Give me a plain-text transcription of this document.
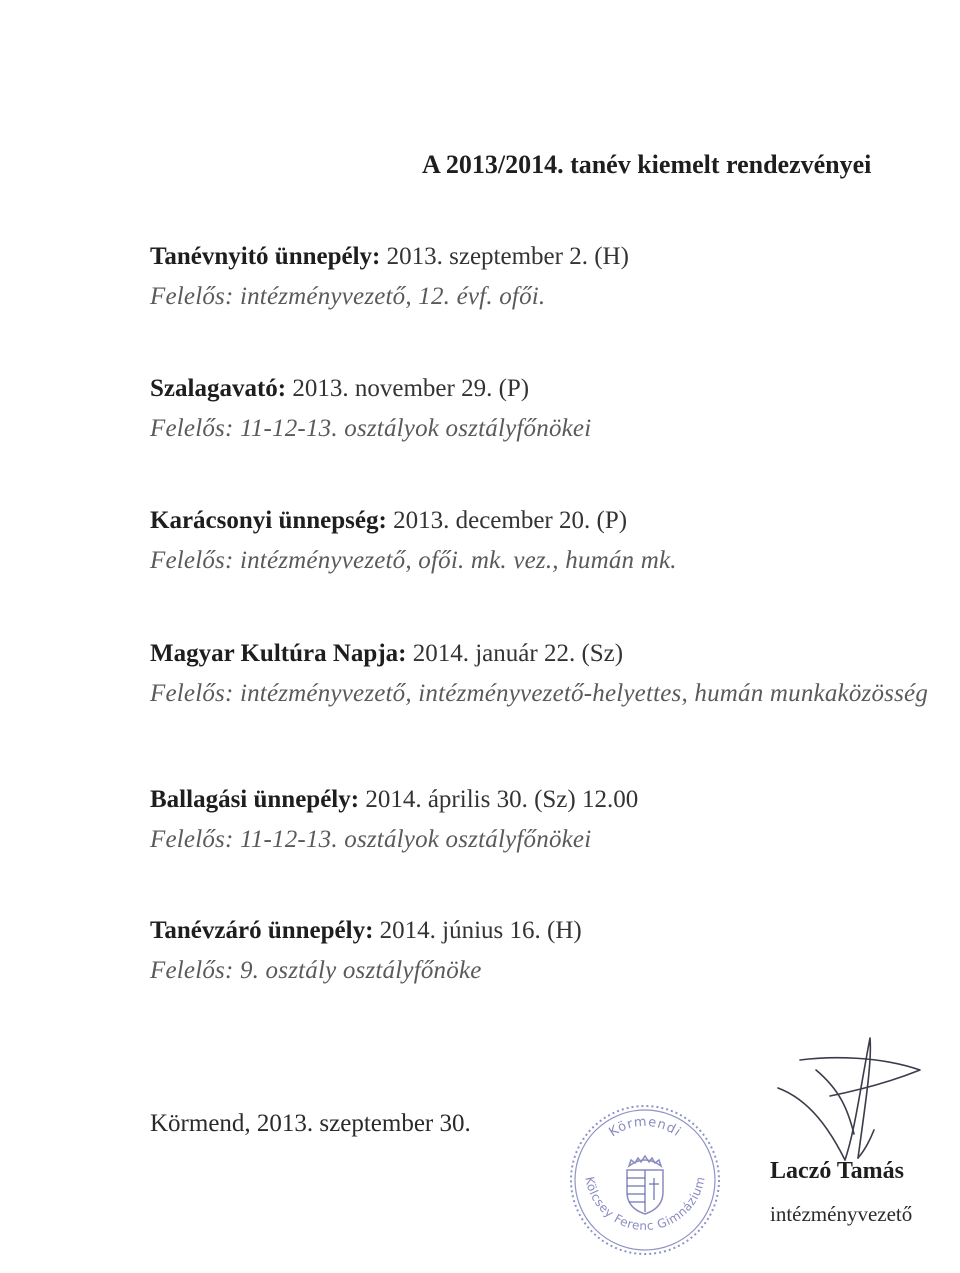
A 2013/2014. tanév kiemelt rendezvényei
Tanévnyitó ünnepély: 2013. szeptember 2. (H)
Felelős: intézményvezető, 12. évf. ofői.
Szalagavató: 2013. november 29. (P)
Felelős: 11-12-13. osztályok osztályfőnökei
Karácsonyi ünnepség: 2013. december 20. (P)
Felelős: intézményvezető, ofői. mk. vez., humán mk.
Magyar Kultúra Napja: 2014. január 22. (Sz)
Felelős: intézményvezető, intézményvezető-helyettes, humán munkaközösség
Ballagási ünnepély: 2014. április 30. (Sz) 12.00
Felelős: 11-12-13. osztályok osztályfőnökei
Tanévzáró ünnepély: 2014. június 16. (H)
Felelős: 9. osztály osztályfőnöke
Körmend, 2013. szeptember 30.	Körmendi
Kölcsey Ferenc Gimnázium	Laczó Tamás
intézményvezető
